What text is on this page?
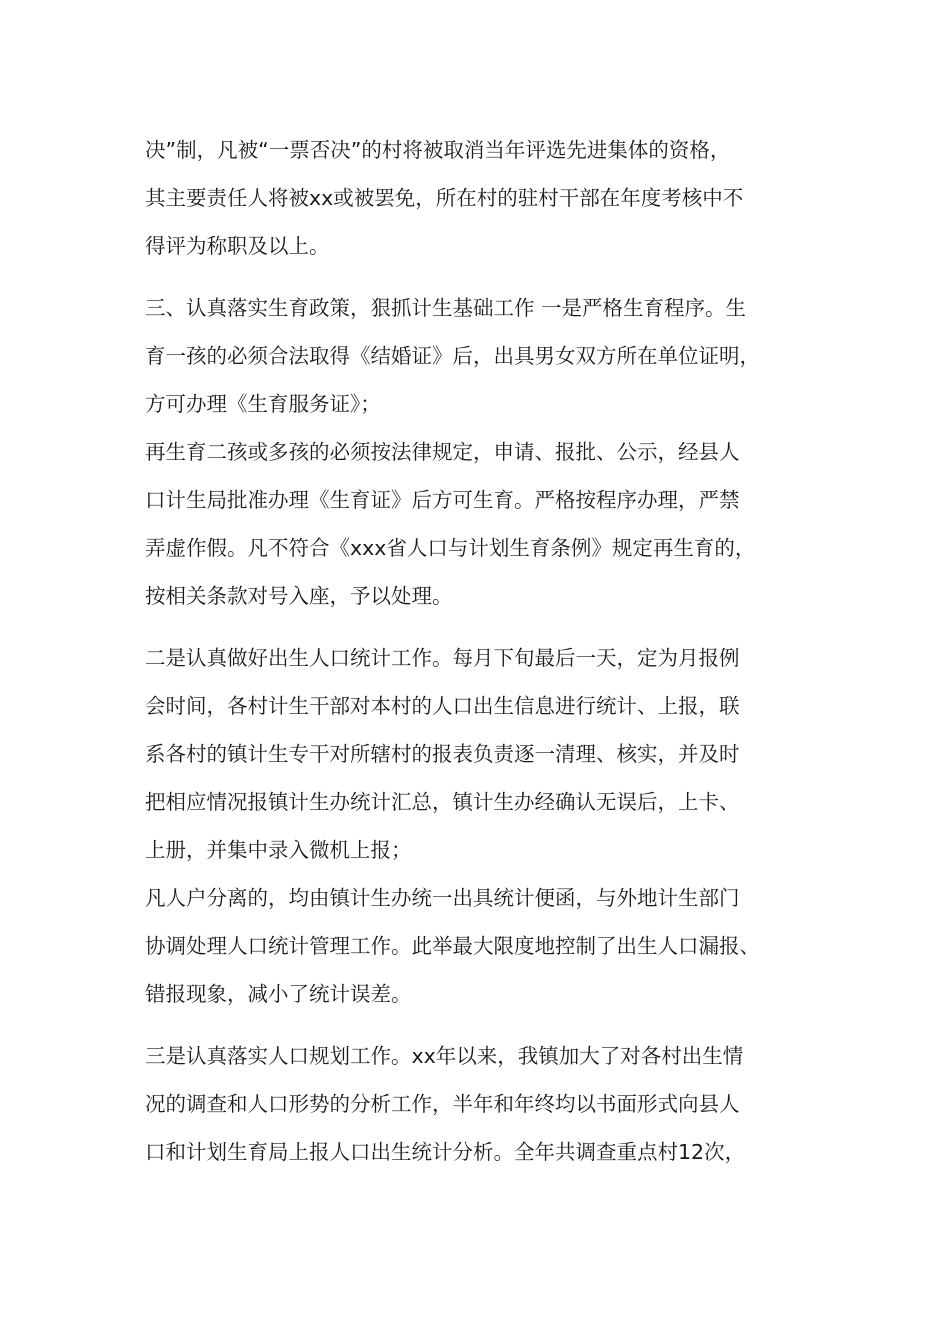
决”制，凡被“一票否决”的村将被取消当年评选先进集体的资格，
其主要责任人将被xx或被罢免，所在村的驻村干部在年度考核中不
得评为称职及以上。
三、认真落实生育政策，狠抓计生基础工作 一是严格生育程序。生
育一孩的必须合法取得《结婚证》后，出具男女双方所在单位证明，
方可办理《生育服务证》；
再生育二孩或多孩的必须按法律规定，申请、报批、公示，经县人
口计生局批准办理《生育证》后方可生育。严格按程序办理，严禁
弄虚作假。凡不符合《xxx省人口与计划生育条例》规定再生育的，
按相关条款对号入座，予以处理。
二是认真做好出生人口统计工作。每月下旬最后一天，定为月报例
会时间，各村计生干部对本村的人口出生信息进行统计、上报，联
系各村的镇计生专干对所辖村的报表负责逐一清理、核实，并及时
把相应情况报镇计生办统计汇总，镇计生办经确认无误后，上卡、
上册，并集中录入微机上报；
凡人户分离的，均由镇计生办统一出具统计便函，与外地计生部门
协调处理人口统计管理工作。此举最大限度地控制了出生人口漏报、
错报现象，减小了统计误差。
三是认真落实人口规划工作。xx年以来，我镇加大了对各村出生情
况的调查和人口形势的分析工作，半年和年终均以书面形式向县人
口和计划生育局上报人口出生统计分析。全年共调查重点村12次，
